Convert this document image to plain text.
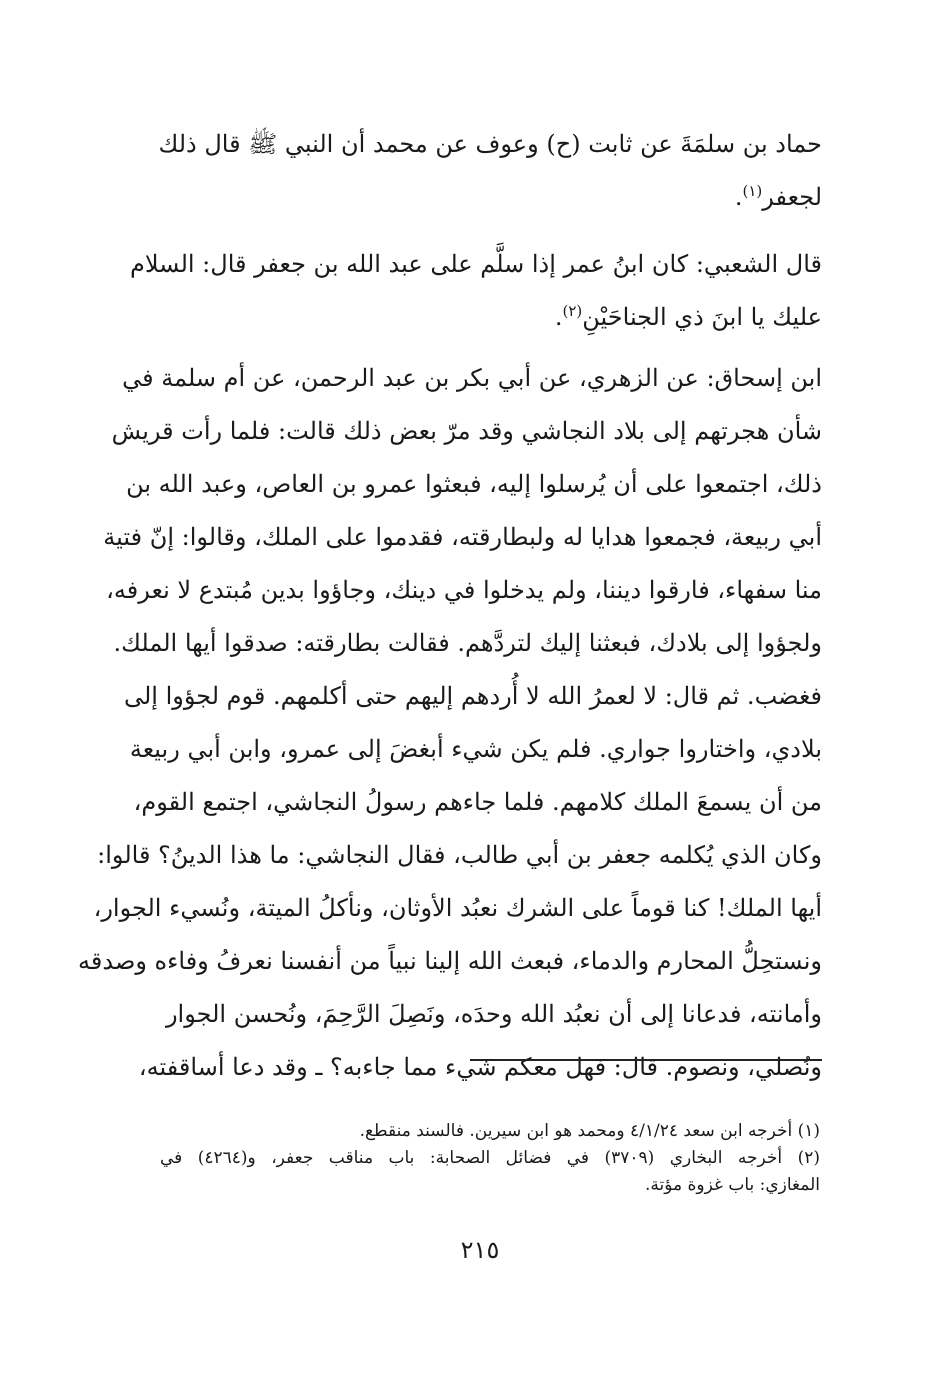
حماد بن سلمَةَ عن ثابت (ح) وعوف عن محمد أن النبي ﷺ قال ذلك
لجعفر$^{(١)}$.
قال الشعبي: كان ابنُ عمر إذا سلَّم على عبد الله بن جعفر قال: السلام
عليك يا ابنَ ذي الجناحَيْنِ$^{(٢)}$.
ابن إسحاق: عن الزهري، عن أبي بكر بن عبد الرحمن، عن أم سلمة في
شأن هجرتهم إلى بلاد النجاشي وقد مرّ بعض ذلك قالت: فلما رأت قريش
ذلك، اجتمعوا على أن يُرسلوا إليه، فبعثوا عمرو بن العاص، وعبد الله بن
أبي ربيعة، فجمعوا هدايا له ولبطارقته، فقدموا على الملك، وقالوا: إنّ فتية
منا سفهاء، فارقوا ديننا، ولم يدخلوا في دينك، وجاؤوا بدين مُبتدع لا نعرفه،
ولجؤوا إلى بلادك، فبعثنا إليك لتردَّهم. فقالت بطارقته: صدقوا أيها الملك.
فغضب. ثم قال: لا لعمرُ الله لا أُردهم إليهم حتى أكلمهم. قوم لجؤوا إلى
بلادي، واختاروا جواري. فلم يكن شيء أبغضَ إلى عمرو، وابن أبي ربيعة
من أن يسمعَ الملك كلامهم. فلما جاءهم رسولُ النجاشي، اجتمع القوم،
وكان الذي يُكلمه جعفر بن أبي طالب، فقال النجاشي: ما هذا الدينُ؟ قالوا:
أيها الملك! كنا قوماً على الشرك نعبُد الأوثان، ونأكلُ الميتة، ونُسيء الجوار،
ونستحِلُّ المحارم والدماء، فبعث الله إلينا نبياً من أنفسنا نعرفُ وفاءه وصدقه
وأمانته، فدعانا إلى أن نعبُد الله وحدَه، ونَصِلَ الرَّحِمَ، ونُحسن الجوار
ونُصلي، ونصوم. قال: فهل معكم شيء مما جاءبه؟ ـ وقد دعا أساقفته،
(١) أخرجه ابن سعد ٤/١/٢٤ ومحمد هو ابن سيرين. فالسند منقطع.
(٢) أخرجه البخاري (٣٧٠٩) في فضائل الصحابة: باب مناقب جعفر، و(٤٢٦٤) في
المغازي: باب غزوة مؤتة.
٢١٥
